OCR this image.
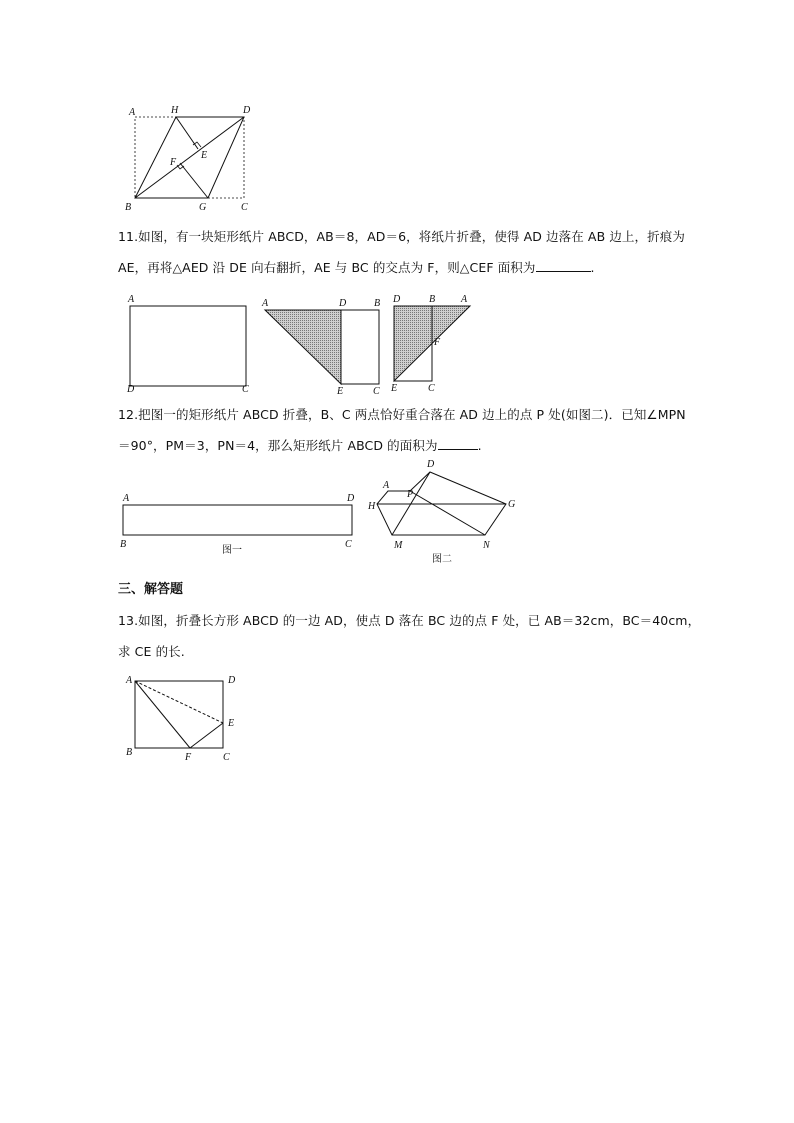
A	H	D
E
F
B	G	C
11.如图，有一块矩形纸片 ABCD，AB＝8，AD＝6，将纸片折叠，使得 AD 边落在 AB 边上，折痕为
AE，再将△AED 沿 DE 向右翻折，AE 与 BC 的交点为 F，则△CEF 面积为	.
A
D	C
A	D	B
E	C
D	B	A
F
E	C
12.把图一的矩形纸片 ABCD 折叠，B、C 两点恰好重合落在 AD 边上的点 P 处(如图二)．已知∠MPN
＝90°，PM＝3，PN＝4，那么矩形纸片 ABCD 的面积为	.
A	D
B	C
图一
D
A
P
H	G
M	N
图二
三、解答题
13.如图，折叠长方形 ABCD 的一边 AD，使点 D 落在 BC 边的点 F 处，已 AB＝32cm，BC＝40cm，
求 CE 的长.
A	D
E
B	F	C
